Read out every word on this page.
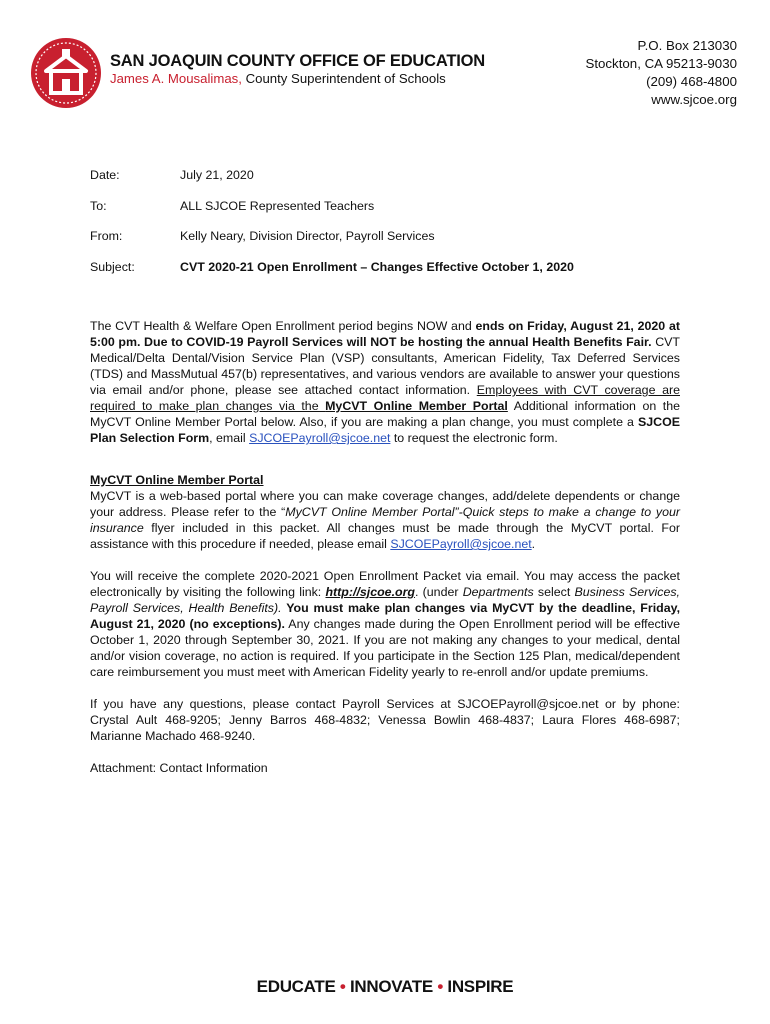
SAN JOAQUIN COUNTY OFFICE OF EDUCATION
James A. Mousalimas, County Superintendent of Schools
P.O. Box 213030
Stockton, CA 95213-9030
(209) 468-4800
www.sjcoe.org
Date:	July 21, 2020
To:	ALL SJCOE Represented Teachers
From:	Kelly Neary, Division Director, Payroll Services
Subject:	CVT 2020-21 Open Enrollment – Changes Effective October 1, 2020

The CVT Health & Welfare Open Enrollment period begins NOW and ends on Friday, August 21, 2020 at 5:00 pm. Due to COVID-19 Payroll Services will NOT be hosting the annual Health Benefits Fair. CVT Medical/Delta Dental/Vision Service Plan (VSP) consultants, American Fidelity, Tax Deferred Services (TDS) and MassMutual 457(b) representatives, and various vendors are available to answer your questions via email and/or phone, please see attached contact information. Employees with CVT coverage are required to make plan changes via the MyCVT Online Member Portal Additional information on the MyCVT Online Member Portal below. Also, if you are making a plan change, you must complete a SJCOE Plan Selection Form, email SJCOEPayroll@sjcoe.net to request the electronic form.

MyCVT Online Member Portal
MyCVT is a web-based portal where you can make coverage changes, add/delete dependents or change your address. Please refer to the “MyCVT Online Member Portal”-Quick steps to make a change to your insurance flyer included in this packet. All changes must be made through the MyCVT portal. For assistance with this procedure if needed, please email SJCOEPayroll@sjcoe.net.

You will receive the complete 2020-2021 Open Enrollment Packet via email. You may access the packet electronically by visiting the following link: http://sjcoe.org. (under Departments select Business Services, Payroll Services, Health Benefits). You must make plan changes via MyCVT by the deadline, Friday, August 21, 2020 (no exceptions). Any changes made during the Open Enrollment period will be effective October 1, 2020 through September 30, 2021. If you are not making any changes to your medical, dental and/or vision coverage, no action is required. If you participate in the Section 125 Plan, medical/dependent care reimbursement you must meet with American Fidelity yearly to re-enroll and/or update premiums.

If you have any questions, please contact Payroll Services at SJCOEPayroll@sjcoe.net or by phone: Crystal Ault 468-9205; Jenny Barros 468-4832; Venessa Bowlin 468-4837; Laura Flores 468-6987; Marianne Machado 468-9240.

Attachment: Contact Information

EDUCATE • INNOVATE • INSPIRE
